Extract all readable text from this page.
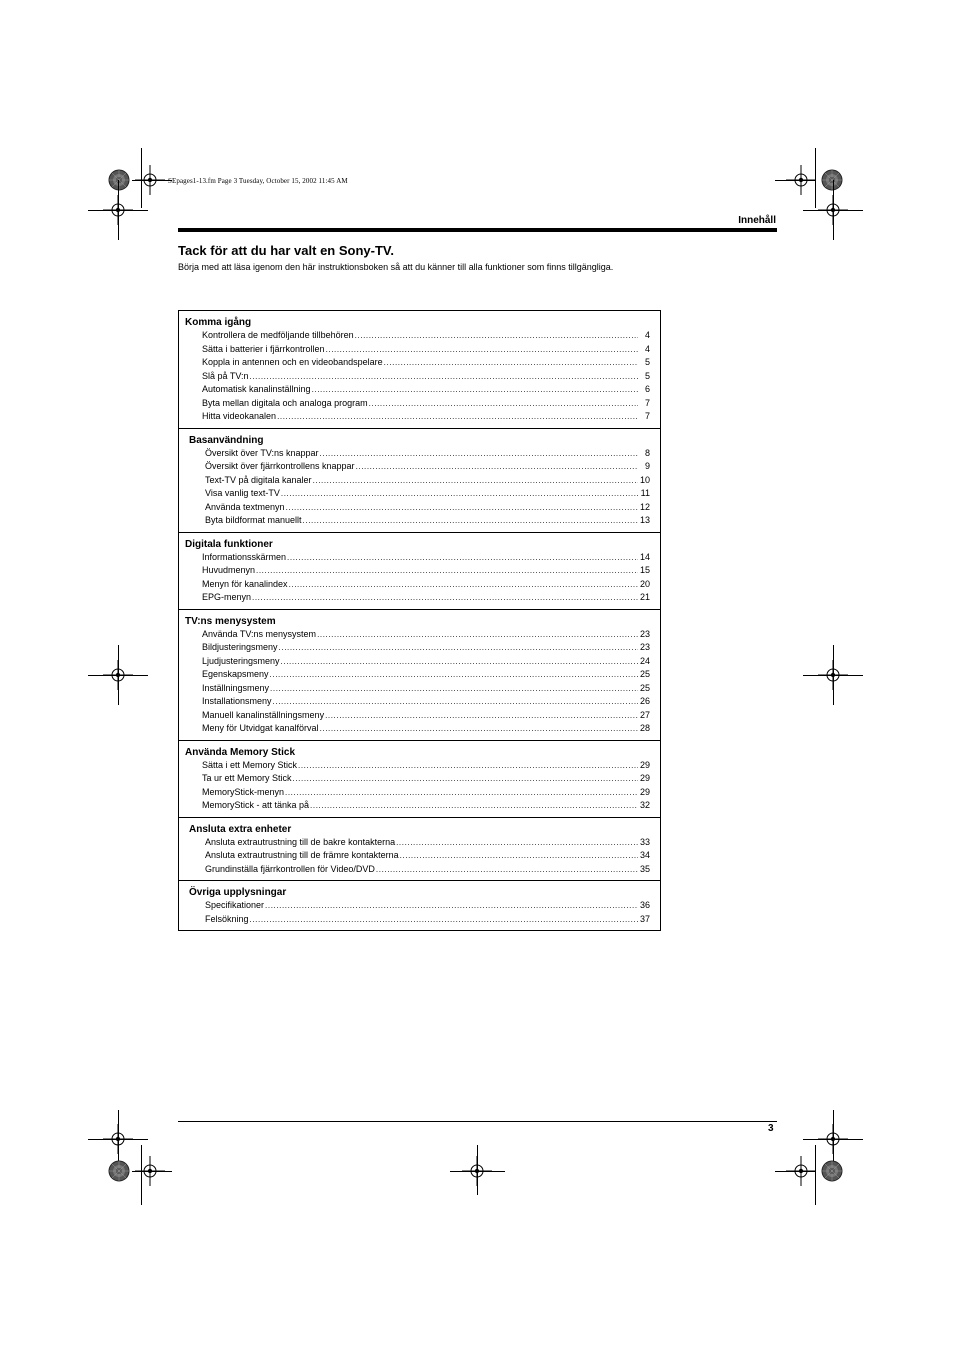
SEpages1-13.fm Page 3 Tuesday, October 15, 2002 11:45 AM
Innehåll
Tack för att du har valt en Sony-TV.
Börja med att läsa igenom den här instruktionsboken så att du känner till alla funktioner som finns tillgängliga.
Komma igång
Kontrollera de medföljande tillbehören .....	4
Sätta i batterier i fjärrkontrollen .....	4
Koppla in antennen och en videobandspelare .....	5
Slå på TV:n .....	5
Automatisk kanalinställning .....	6
Byta mellan digitala och analoga program .....	7
Hitta videokanalen .....	7
Basanvändning
Översikt över TV:ns knappar .....	8
Översikt över fjärrkontrollens knappar .....	9
Text-TV på digitala kanaler .....	10
Visa vanlig text-TV .....	11
Använda textmenyn .....	12
Byta bildformat manuellt .....	13
Digitala funktioner
Informationsskärmen .....	14
Huvudmenyn .....	15
Menyn för kanalindex .....	20
EPG-menyn .....	21
TV:ns menysystem
Använda TV:ns menysystem .....	23
Bildjusteringsmeny .....	23
Ljudjusteringsmeny .....	24
Egenskapsmeny .....	25
Inställningsmeny .....	25
Installationsmeny .....	26
Manuell kanalinställningsmeny .....	27
Meny för Utvidgat kanalförval .....	28
Använda Memory Stick
Sätta i ett Memory Stick .....	29
Ta ur ett Memory Stick .....	29
MemoryStick-menyn .....	29
MemoryStick - att tänka på .....	32
Ansluta extra enheter
Ansluta extrautrustning till de bakre kontakterna .....	33
Ansluta extrautrustning till de främre kontakterna .....	34
Grundinställa fjärrkontrollen för Video/DVD .....	35
Övriga upplysningar
Specifikationer .....	36
Felsökning .....	37
3
